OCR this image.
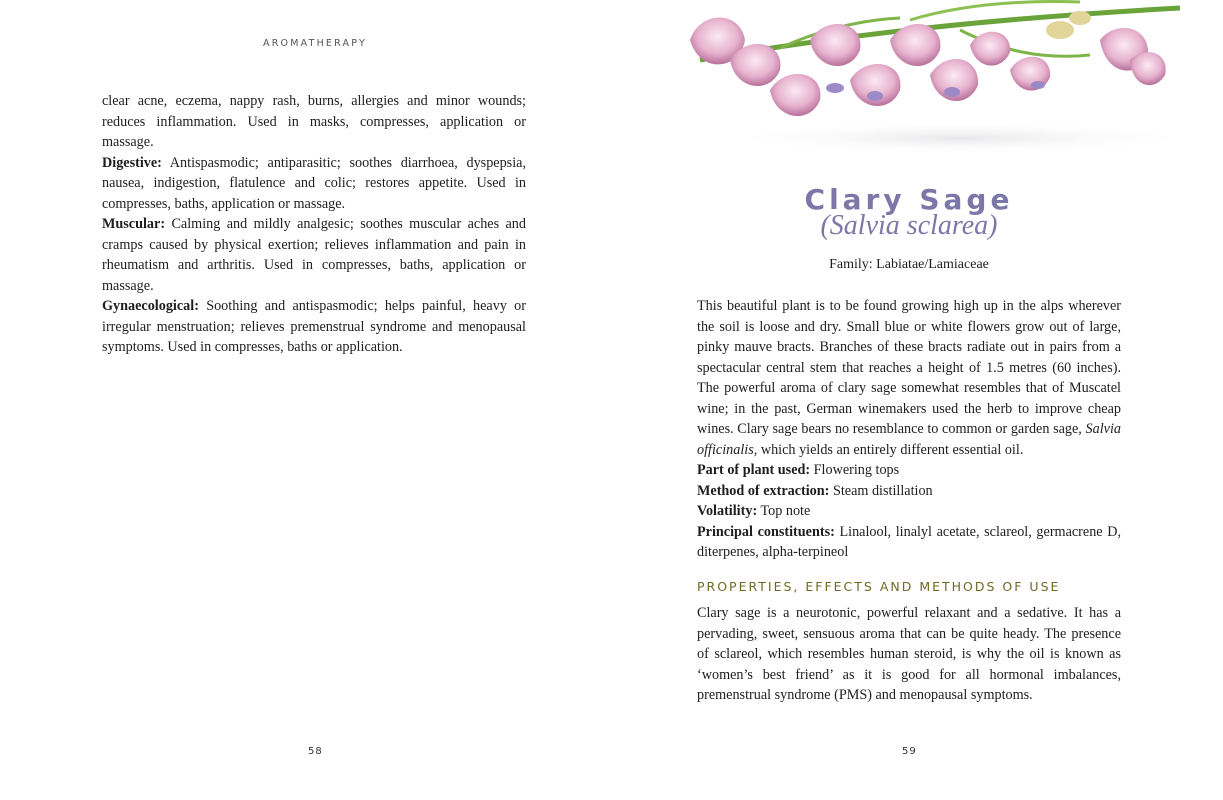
AROMATHERAPY

clear acne, eczema, nappy rash, burns, allergies and minor wounds; reduces inflammation. Used in masks, compresses, application or massage.

Digestive: Antispasmodic; antiparasitic; soothes diarrhoea, dyspepsia, nausea, indigestion, flatulence and colic; restores appetite. Used in compresses, baths, application or massage.

Muscular: Calming and mildly analgesic; soothes muscular aches and cramps caused by physical exertion; relieves inflammation and pain in rheumatism and arthritis. Used in compresses, baths, application or massage.

Gynaecological: Soothing and antispasmodic; helps painful, heavy or irregular menstruation; relieves premenstrual syndrome and menopausal symptoms. Used in compresses, baths or application.

58
Clary Sage
(Salvia sclarea)
Family: Labiatae/Lamiaceae

This beautiful plant is to be found growing high up in the alps wherever the soil is loose and dry. Small blue or white flowers grow out of large, pinky mauve bracts. Branches of these bracts radiate out in pairs from a spectacular central stem that reaches a height of 1.5 metres (60 inches). The powerful aroma of clary sage somewhat resembles that of Muscatel wine; in the past, German winemakers used the herb to improve cheap wines. Clary sage bears no resemblance to common or garden sage, Salvia officinalis, which yields an entirely different essential oil.

Part of plant used: Flowering tops

Method of extraction: Steam distillation

Volatility: Top note

Principal constituents: Linalool, linalyl acetate, sclareol, germacrene D, diterpenes, alpha-terpineol

PROPERTIES, EFFECTS AND METHODS OF USE

Clary sage is a neurotonic, powerful relaxant and a sedative. It has a pervading, sweet, sensuous aroma that can be quite heady. The presence of sclareol, which resembles human steroid, is why the oil is known as ‘women’s best friend’ as it is good for all hormonal imbalances, premenstrual syndrome (PMS) and menopausal symptoms.

59
